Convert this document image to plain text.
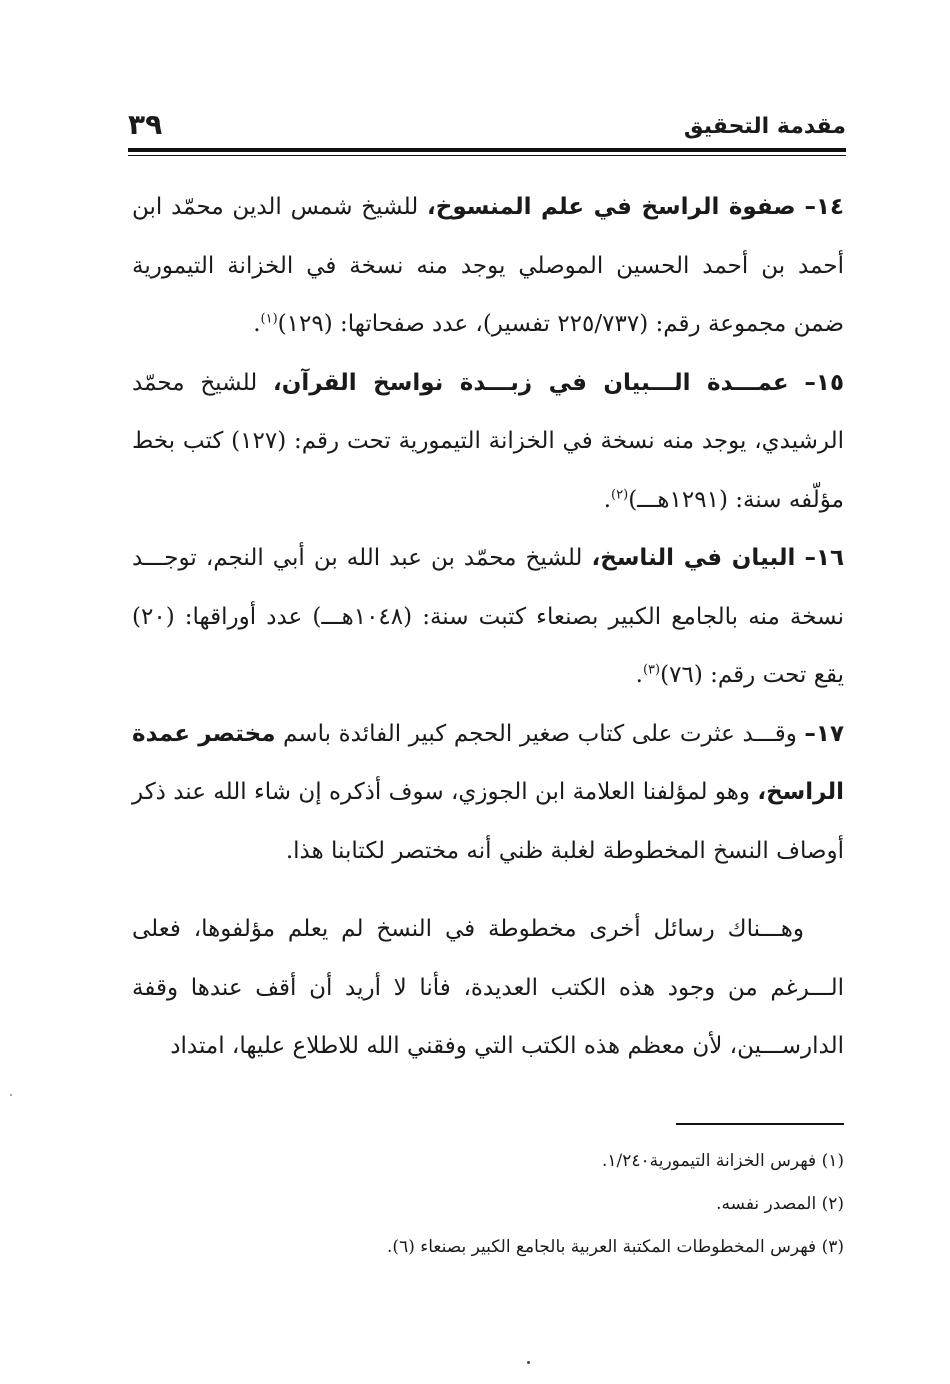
مقدمة التحقيق
٣٩

١٤– صفوة الراسخ في علم المنسوخ، للشيخ شمس الدين محمّد ابن أحمد بن أحمد الحسين الموصلي يوجد منه نسخة في الخزانة التيمورية ضمن مجموعة رقم: (٢٢٥/٧٣٧ تفسير)، عدد صفحاتها: (١٢٩)$^{(١)}$.

١٥– عمـــدة الـــبيان في زبـــدة نواسخ القرآن، للشيخ محمّد الرشيدي، يوجد منه نسخة في الخزانة التيمورية تحت رقم: (١٢٧) كتب بخط مؤلّفه سنة: (١٢٩١هـــ)$^{(٢)}$.

١٦– البيان في الناسخ، للشيخ محمّد بن عبد الله بن أبي النجم، توجـــد نسخة منه بالجامع الكبير بصنعاء كتبت سنة: (١٠٤٨هـــ) عدد أوراقها: (٢٠) يقع تحت رقم: (٧٦)$^{(٣)}$.

١٧– وقـــد عثرت على كتاب صغير الحجم كبير الفائدة باسم مختصر عمدة الراسخ، وهو لمؤلفنا العلامة ابن الجوزي، سوف أذكره إن شاء الله عند ذكر أوصاف النسخ المخطوطة لغلبة ظني أنه مختصر لكتابنا هذا.

وهـــناك رسائل أخرى مخطوطة في النسخ لم يعلم مؤلفوها، فعلى الـــرغم من وجود هذه الكتب العديدة، فأنا لا أريد أن أقف عندها وقفة الدارســـين، لأن معظم هذه الكتب التي وفقني الله للاطلاع عليها، امتداد

(١) فهرس الخزانة التيمورية١/٢٤٠.

(٢) المصدر نفسه.

(٣) فهرس المخطوطات المكتبة العربية بالجامع الكبير بصنعاء (٦).
